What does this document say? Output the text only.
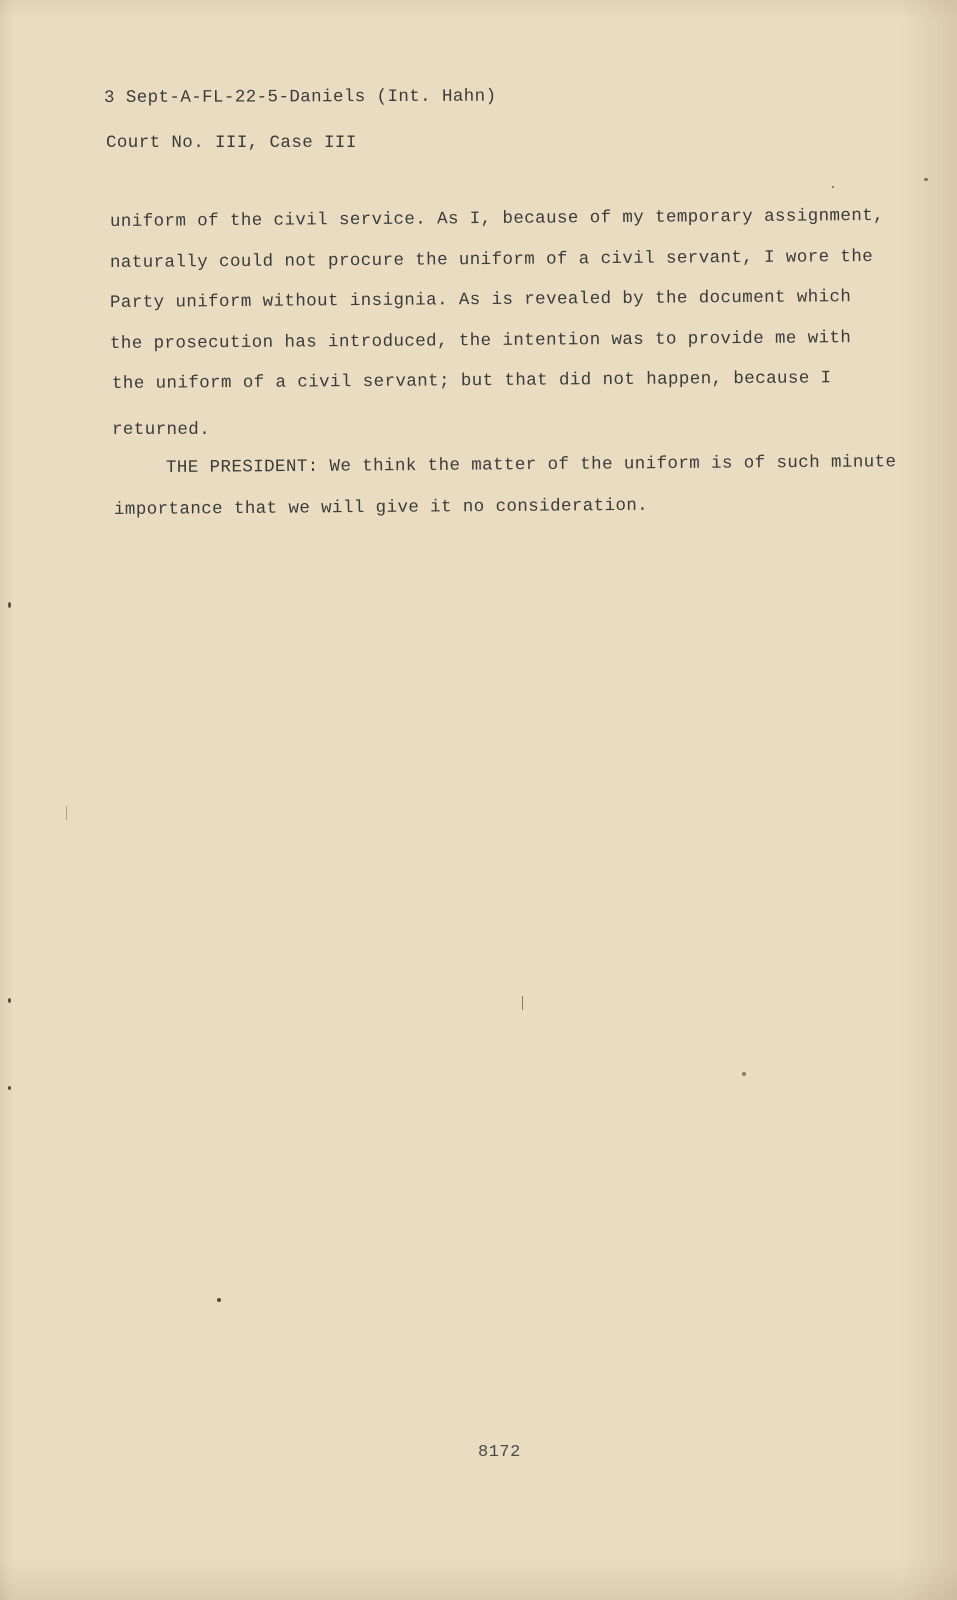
3 Sept-A-FL-22-5-Daniels (Int. Hahn)
Court No. III, Case III
uniform of the civil service. As I, because of my temporary assignment,
naturally could not procure the uniform of a civil servant, I wore the
Party uniform without insignia. As is revealed by the document which
the prosecution has introduced, the intention was to provide me with
the uniform of a civil servant; but that did not happen, because I
returned.
THE PRESIDENT: We think the matter of the uniform is of such minute
importance that we will give it no consideration.
8172
